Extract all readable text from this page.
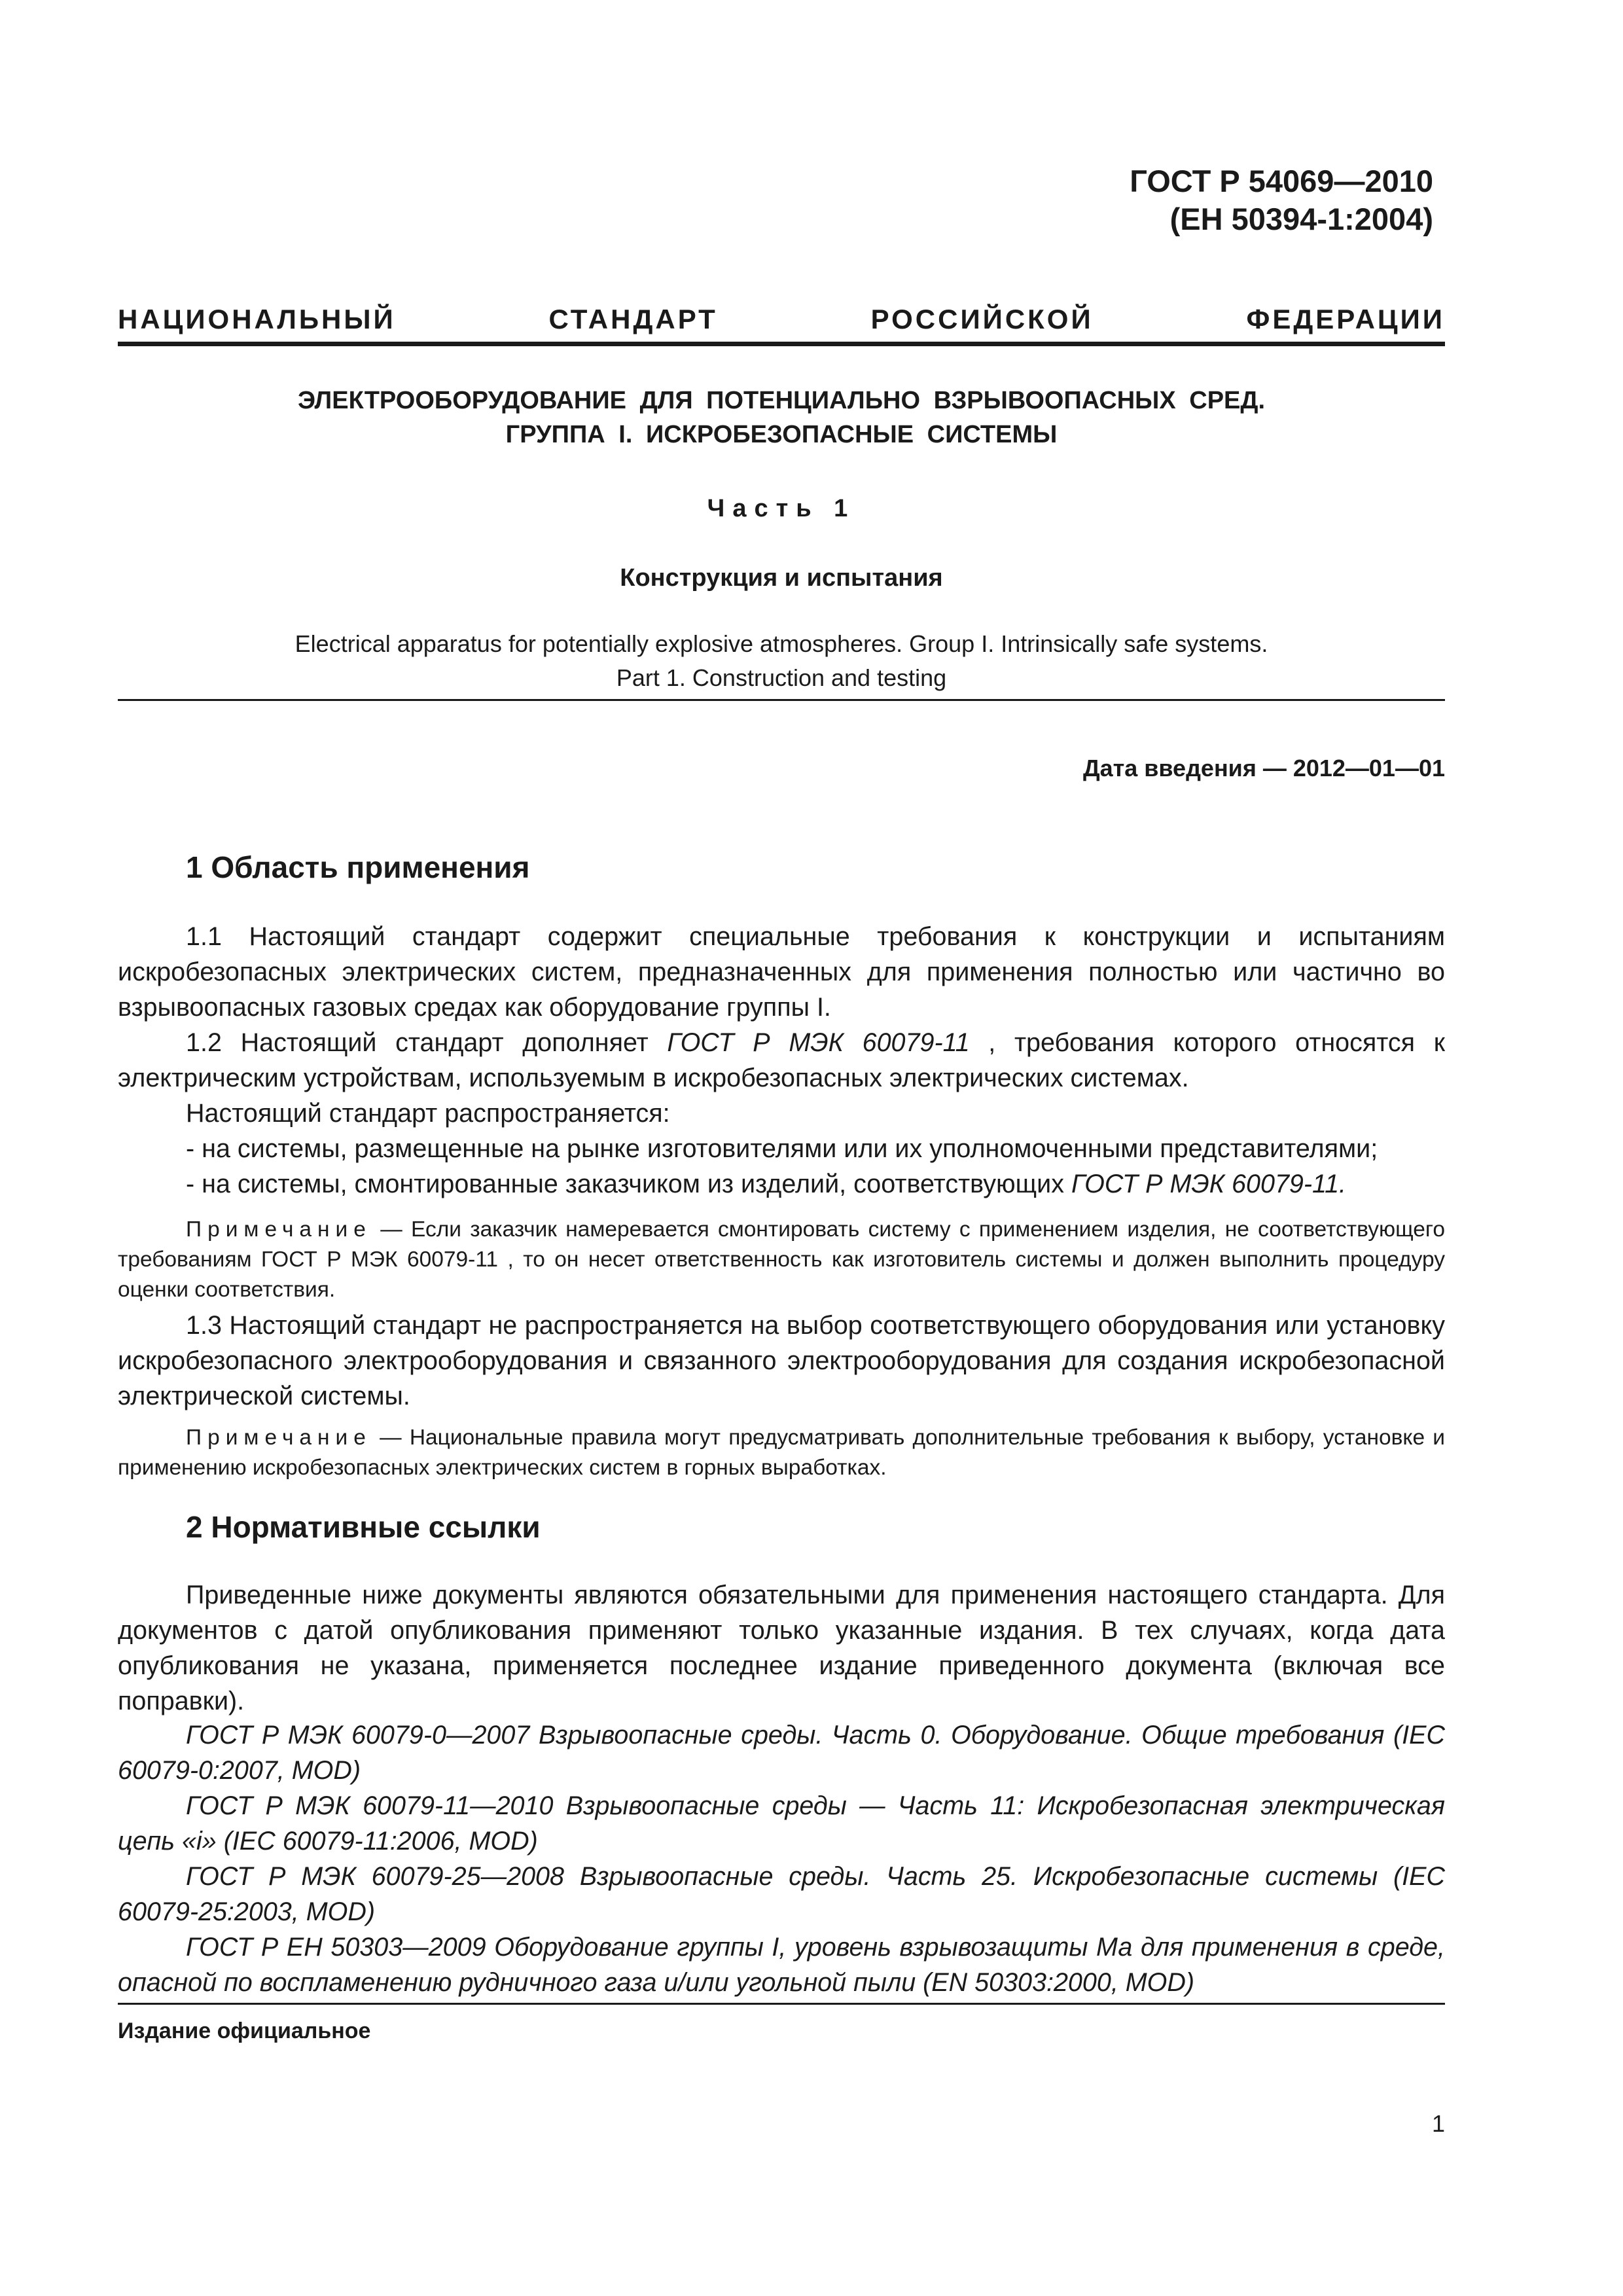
ГОСТ Р 54069—2010
(ЕН 50394-1:2004)
НАЦИОНАЛЬНЫЙ СТАНДАРТ РОССИЙСКОЙ ФЕДЕРАЦИИ
ЭЛЕКТРООБОРУДОВАНИЕ ДЛЯ ПОТЕНЦИАЛЬНО ВЗРЫВООПАСНЫХ СРЕД.
ГРУППА I. ИСКРОБЕЗОПАСНЫЕ СИСТЕМЫ
Часть 1
Конструкция и испытания
Electrical apparatus for potentially explosive atmospheres. Group I. Intrinsically safe systems.
Part 1. Construction and testing
Дата введения — 2012—01—01
1 Область применения

1.1 Настоящий стандарт содержит специальные требования к конструкции и испытаниям искробезопасных электрических систем, предназначенных для применения полностью или частично во взрывоопасных газовых средах как оборудование группы I.

1.2 Настоящий стандарт дополняет ГОСТ Р МЭК 60079-11 , требования которого относятся к электрическим устройствам, используемым в искробезопасных электрических системах.

Настоящий стандарт распространяется:

- на системы, размещенные на рынке изготовителями или их уполномоченными представителями;

- на системы, смонтированные заказчиком из изделий, соответствующих ГОСТ Р МЭК 60079-11.

Примечание — Если заказчик намеревается смонтировать систему с применением изделия, не соответствующего требованиям ГОСТ Р МЭК 60079-11 , то он несет ответственность как изготовитель системы и должен выполнить процедуру оценки соответствия.

1.3 Настоящий стандарт не распространяется на выбор соответствующего оборудования или установку искробезопасного электрооборудования и связанного электрооборудования для создания искробезопасной электрической системы.

Примечание — Национальные правила могут предусматривать дополнительные требования к выбору, установке и применению искробезопасных электрических систем в горных выработках.

2 Нормативные ссылки

Приведенные ниже документы являются обязательными для применения настоящего стандарта. Для документов с датой опубликования применяют только указанные издания. В тех случаях, когда дата опубликования не указана, применяется последнее издание приведенного документа (включая все поправки).

ГОСТ Р МЭК 60079-0—2007 Взрывоопасные среды. Часть 0. Оборудование. Общие требования (IEC 60079-0:2007, MOD)

ГОСТ Р МЭК 60079-11—2010 Взрывоопасные среды — Часть 11: Искробезопасная электрическая цепь «i» (IEC 60079-11:2006, MOD)

ГОСТ Р МЭК 60079-25—2008 Взрывоопасные среды. Часть 25. Искробезопасные системы (IEC 60079-25:2003, MOD)

ГОСТ Р ЕН 50303—2009 Оборудование группы I, уровень взрывозащиты Ма для применения в среде, опасной по воспламенению рудничного газа и/или угольной пыли (EN 50303:2000, MOD)

Издание официальное
1
